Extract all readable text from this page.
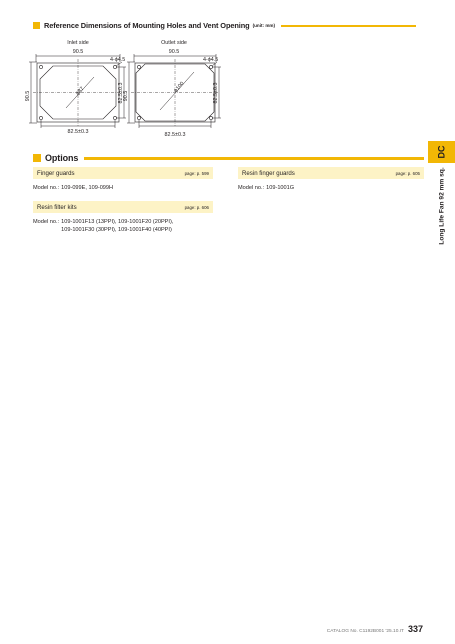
Reference Dimensions of Mounting Holes and Vent Opening (unit: mm)
Inlet side
90.5
ϕ87
4-ϕ4.5
90.5	82.5±0.3
82.5±0.3
Outlet side
90.5
ϕ100
4-ϕ4.5
90.5	82.5±0.3
82.5±0.3
Options
Finger guards	page: p. 599
Model no.: 109-099E, 109-099H
Resin finger guards	page: p. 605
Model no.: 109-1001G
Resin filter kits	page: p. 606
Model no.: 109-1001F13 (13PPI), 109-1001F20 (20PPI),
109-1001F30 (30PPI), 109-1001F40 (40PPI)
DC
Long Life Fan 92 mm sq.
CATALOG No. C1192B001 '25.10.IT 337
